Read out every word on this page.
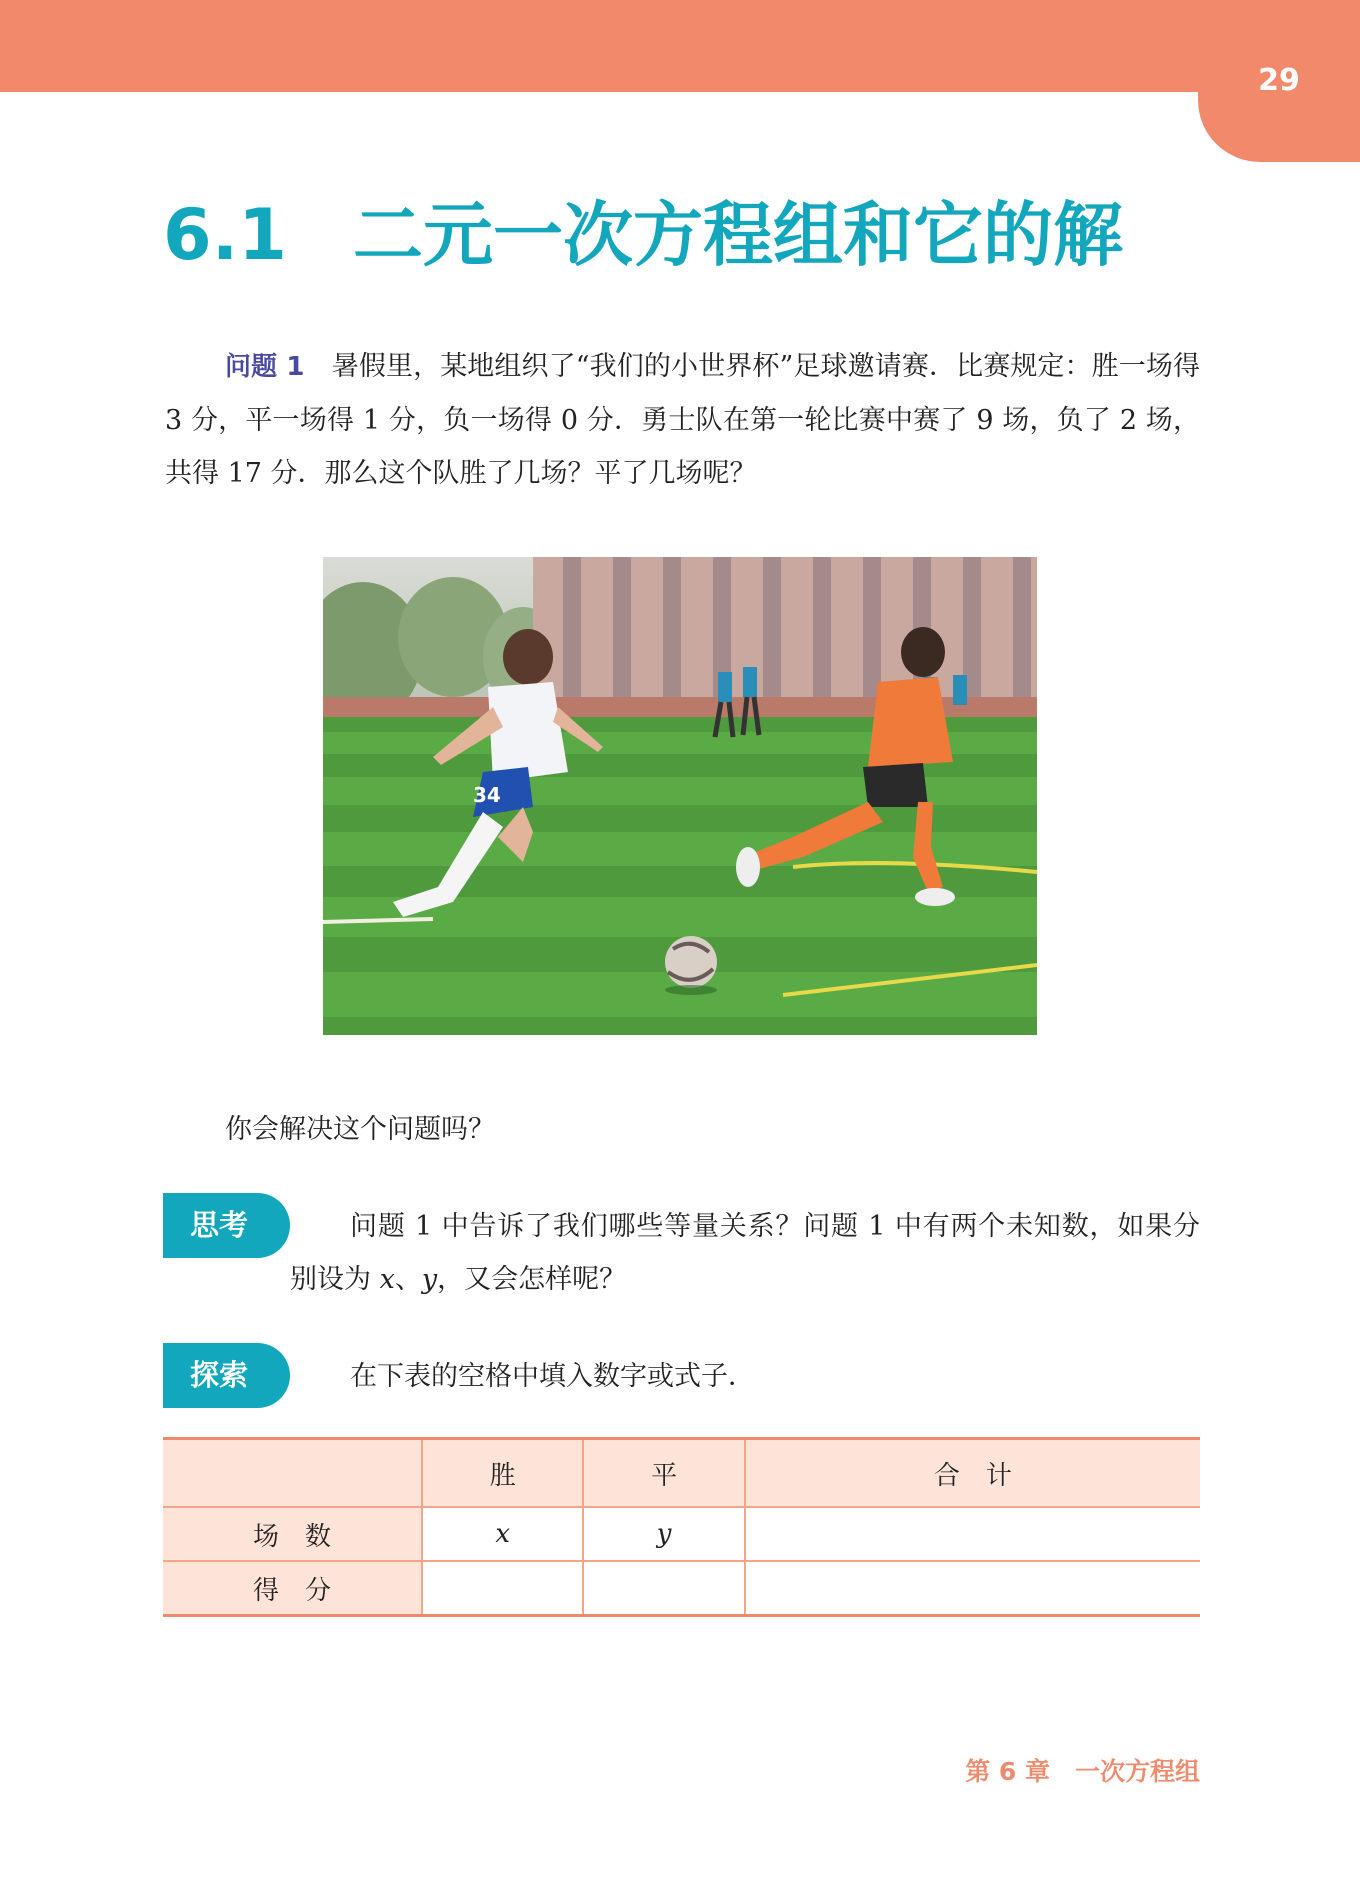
29
6.1 二元一次方程组和它的解
问题 1　 暑假里，某地组织了“我们的小世界杯”足球邀请赛．比赛规定：胜一场得 3 分，平一场得 1 分，负一场得 0 分．勇士队在第一轮比赛中赛了 9 场，负了 2 场，共得 17 分．那么这个队胜了几场？平了几场呢？
34
你会解决这个问题吗？
思考	问题 1 中告诉了我们哪些等量关系？问题 1 中有两个未知数，如果分别设为 x、y，又会怎样呢？
探索	在下表的空格中填入数字或式子．
	胜	平	合　计
场　数	x	y	
得　分			
第 6 章　一次方程组
